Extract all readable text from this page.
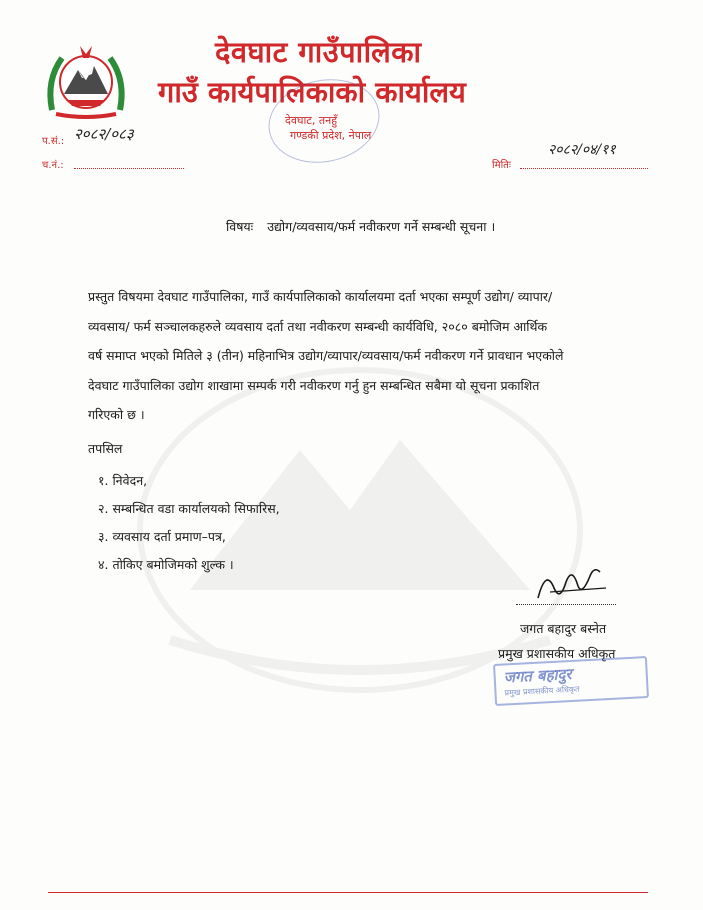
देवघाट गाउँपालिका
गाउँ कार्यपालिकाको कार्यालय
देवघाट, तनहुँ
गण्डकी प्रदेश, नेपाल
प.सं.: २०८२/०८३
च.नं.:	मितिः
२०८२/०४/११
विषयः उद्योग/व्यवसाय/फर्म नवीकरण गर्ने सम्बन्धी सूचना ।
प्रस्तुत विषयमा देवघाट गाउँपालिका, गाउँ कार्यपालिकाको कार्यालयमा दर्ता भएका सम्पूर्ण उद्योग/ व्यापार/
व्यवसाय/ फर्म सञ्चालकहरुले व्यवसाय दर्ता तथा नवीकरण सम्बन्धी कार्यविधि, २०८० बमोजिम आर्थिक
वर्ष समाप्त भएको मितिले ३ (तीन) महिनाभित्र उद्योग/व्यापार/व्यवसाय/फर्म नवीकरण गर्ने प्रावधान भएकोले
देवघाट गाउँपालिका उद्योग शाखामा सम्पर्क गरी नवीकरण गर्नु हुन सम्बन्धित सबैमा यो सूचना प्रकाशित
गरिएको छ ।
तपसिल
१. निवेदन,
२. सम्बन्धित वडा कार्यालयको सिफारिस,
३. व्यवसाय दर्ता प्रमाण–पत्र,
४. तोकिए बमोजिमको शुल्क ।
जगत बहादुर बस्नेत
प्रमुख प्रशासकीय अधिकृत
जगत बहादुर
प्रमुख प्रशासकीय अधिकृत
